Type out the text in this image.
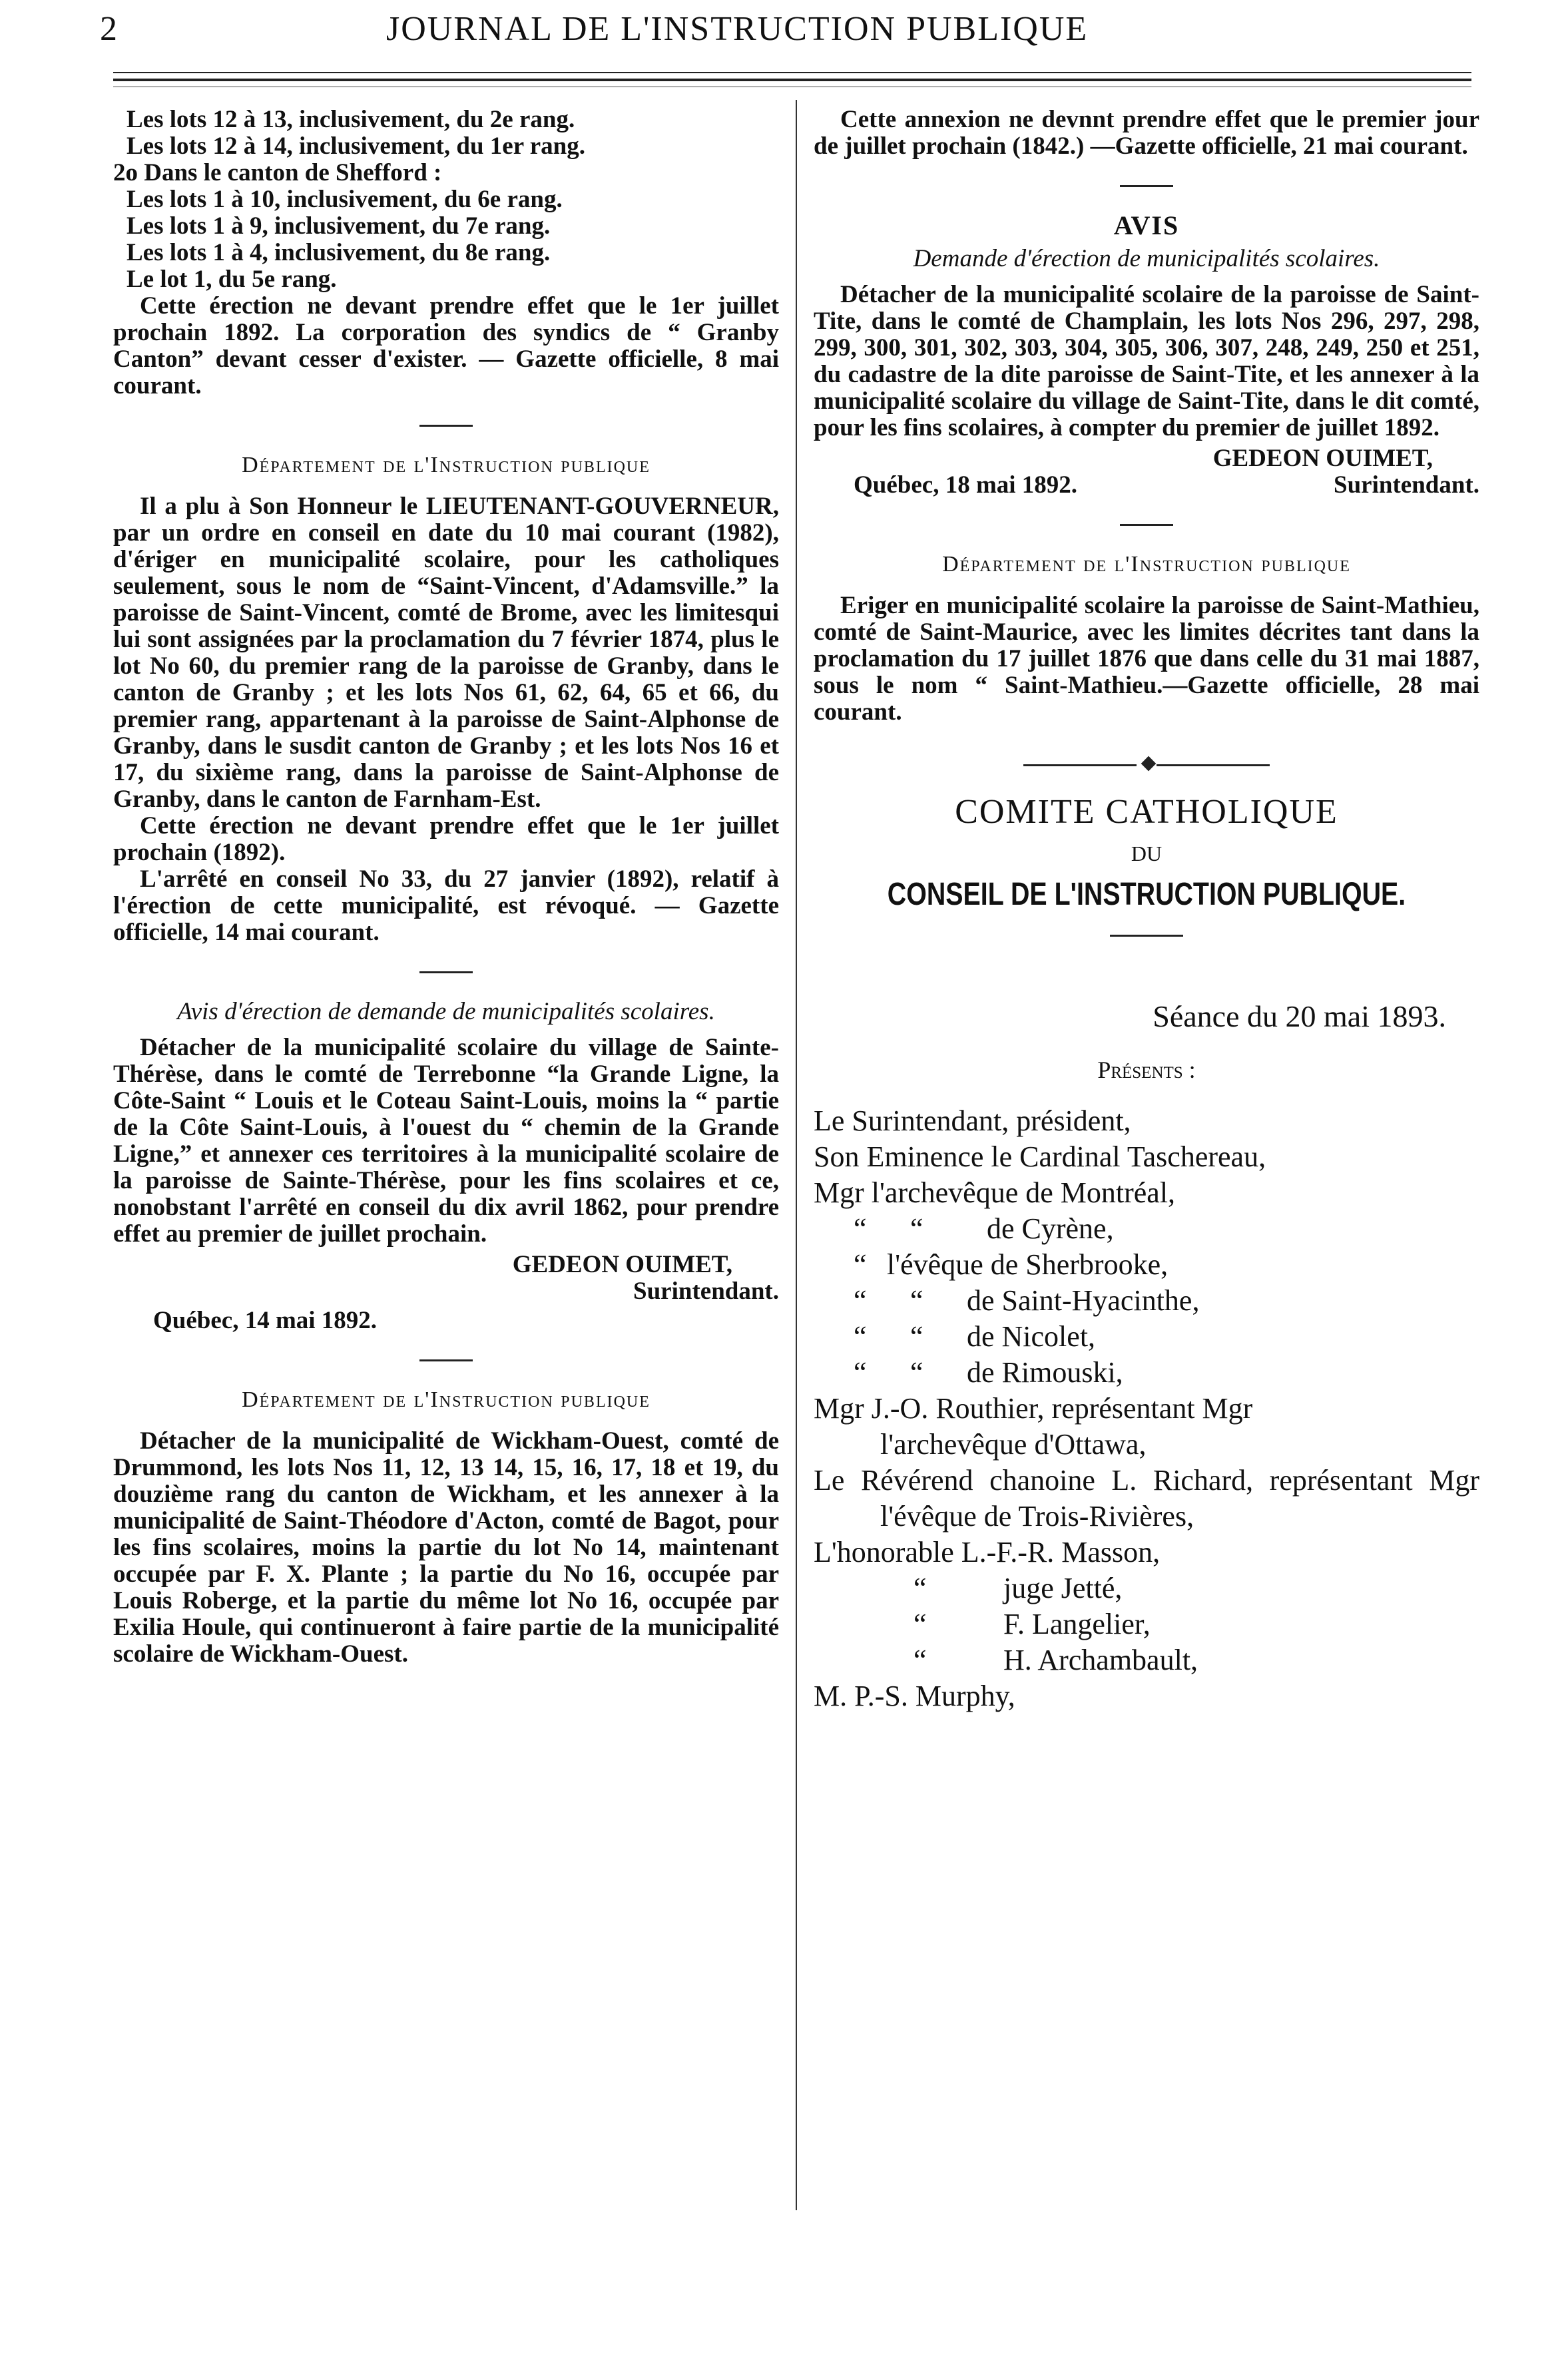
2	JOURNAL DE L'INSTRUCTION PUBLIQUE

Les lots 12 à 13, inclusivement, du 2e rang.

Les lots 12 à 14, inclusivement, du 1er rang.

2o Dans le canton de Shefford :

Les lots 1 à 10, inclusivement, du 6e rang.

Les lots 1 à 9, inclusivement, du 7e rang.

Les lots 1 à 4, inclusivement, du 8e rang.

Le lot 1, du 5e rang.

Cette érection ne devant prendre effet que le 1er juillet prochain 1892. La corporation des syndics de “ Granby Canton” devant cesser d'exister. — Gazette officielle, 8 mai courant.

Département de l'Instruction publique

Il a plu à Son Honneur le LIEUTENANT-GOUVERNEUR, par un ordre en conseil en date du 10 mai courant (1982), d'ériger en municipalité scolaire, pour les catholiques seulement, sous le nom de “Saint-Vincent, d'Adamsville.” la paroisse de Saint-Vincent, comté de Brome, avec les limitesqui lui sont assignées par la proclamation du 7 février 1874, plus le lot No 60, du premier rang de la paroisse de Granby, dans le canton de Granby ; et les lots Nos 61, 62, 64, 65 et 66, du premier rang, appartenant à la paroisse de Saint-Alphonse de Granby, dans le susdit canton de Granby ; et les lots Nos 16 et 17, du sixième rang, dans la paroisse de Saint-Alphonse de Granby, dans le canton de Farnham-Est.

Cette érection ne devant prendre effet que le 1er juillet prochain (1892).

L'arrêté en conseil No 33, du 27 janvier (1892), relatif à l'érection de cette municipalité, est révoqué. — Gazette officielle, 14 mai courant.

Avis d'érection de demande de municipalités scolaires.

Détacher de la municipalité scolaire du village de Sainte-Thérèse, dans le comté de Terrebonne “la Grande Ligne, la Côte-Saint “ Louis et le Coteau Saint-Louis, moins la “ partie de la Côte Saint-Louis, à l'ouest du “ chemin de la Grande Ligne,” et annexer ces territoires à la municipalité scolaire de la paroisse de Sainte-Thérèse, pour les fins scolaires et ce, nonobstant l'arrêté en conseil du dix avril 1862, pour prendre effet au premier de juillet prochain.

GEDEON OUIMET,

Surintendant.

Québec, 14 mai 1892.

Département de l'Instruction publique

Détacher de la municipalité de Wickham-Ouest, comté de Drummond, les lots Nos 11, 12, 13 14, 15, 16, 17, 18 et 19, du douzième rang du canton de Wickham, et les annexer à la municipalité de Saint-Théodore d'Acton, comté de Bagot, pour les fins scolaires, moins la partie du lot No 14, maintenant occupée par F. X. Plante ; la partie du No 16, occupée par Louis Roberge, et la partie du même lot No 16, occupée par Exilia Houle, qui continueront à faire partie de la municipalité scolaire de Wickham-Ouest.

Cette annexion ne devnnt prendre effet que le premier jour de juillet prochain (1842.) —Gazette officielle, 21 mai courant.

AVIS

Demande d'érection de municipalités scolaires.

Détacher de la municipalité scolaire de la paroisse de Saint-Tite, dans le comté de Champlain, les lots Nos 296, 297, 298, 299, 300, 301, 302, 303, 304, 305, 306, 307, 248, 249, 250 et 251, du cadastre de la dite paroisse de Saint-Tite, et les annexer à la municipalité scolaire du village de Saint-Tite, dans le dit comté, pour les fins scolaires, à compter du premier de juillet 1892.

GEDEON OUIMET,

Surintendant.

Québec, 18 mai 1892.

Département de l'Instruction publique

Eriger en municipalité scolaire la paroisse de Saint-Mathieu, comté de Saint-Maurice, avec les limites décrites tant dans la proclamation du 17 juillet 1876 que dans celle du 31 mai 1887, sous le nom “ Saint-Mathieu.—Gazette officielle, 28 mai courant.

COMITE CATHOLIQUE

DU

CONSEIL DE L'INSTRUCTION PUBLIQUE.

Séance du 20 mai 1893.

Présents :

Le Surintendant, président,

Son Eminence le Cardinal Taschereau,

Mgr l'archevêque de Montréal,

“ “ de Cyrène,

“ l'évêque de Sherbrooke,

“ “ de Saint-Hyacinthe,

“ “ de Nicolet,

“ “ de Rimouski,

Mgr J.-O. Routhier, représentant Mgr

l'archevêque d'Ottawa,

Le Révérend chanoine L. Richard, représentant Mgr l'évêque de Trois-Rivières,

L'honorable L.-F.-R. Masson,

“	juge Jetté,

“	F. Langelier,

“	H. Archambault,

M. P.-S. Murphy,
